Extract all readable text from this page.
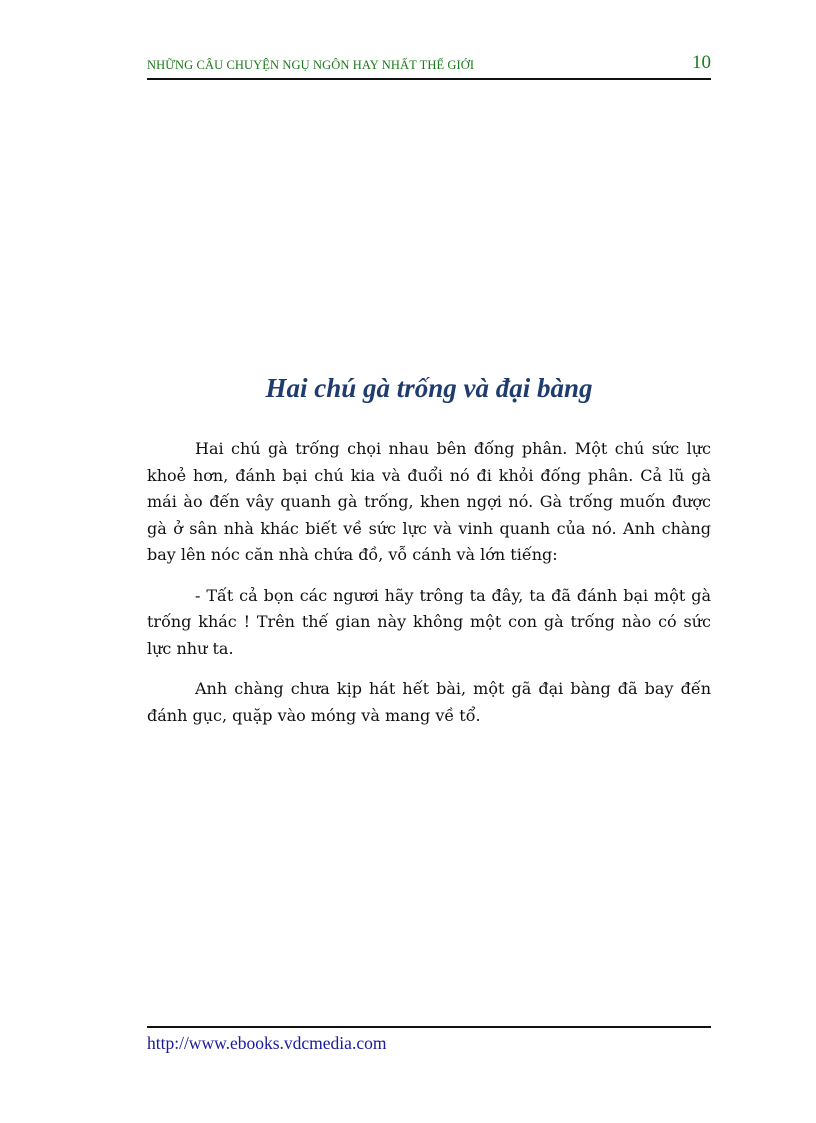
NHỮNG CÂU CHUYỆN NGỤ NGÔN HAY NHẤT THẾ GIỚI	10
Hai chú gà trống và đại bàng

Hai chú gà trống chọi nhau bên đống phân. Một chú sức lực khoẻ hơn, đánh bại chú kia và đuổi nó đi khỏi đống phân. Cả lũ gà mái ào đến vây quanh gà trống, khen ngợi nó. Gà trống muốn được gà ở sân nhà khác biết về sức lực và vinh quanh của nó. Anh chàng bay lên nóc căn nhà chứa đồ, vỗ cánh và lớn tiếng:

- Tất cả bọn các ngươi hãy trông ta đây, ta đã đánh bại một gà trống khác ! Trên thế gian này không một con gà trống nào có sức lực như ta.

Anh chàng chưa kịp hát hết bài, một gã đại bàng đã bay đến đánh gục, quặp vào móng và mang về tổ.

http://www.ebooks.vdcmedia.com
